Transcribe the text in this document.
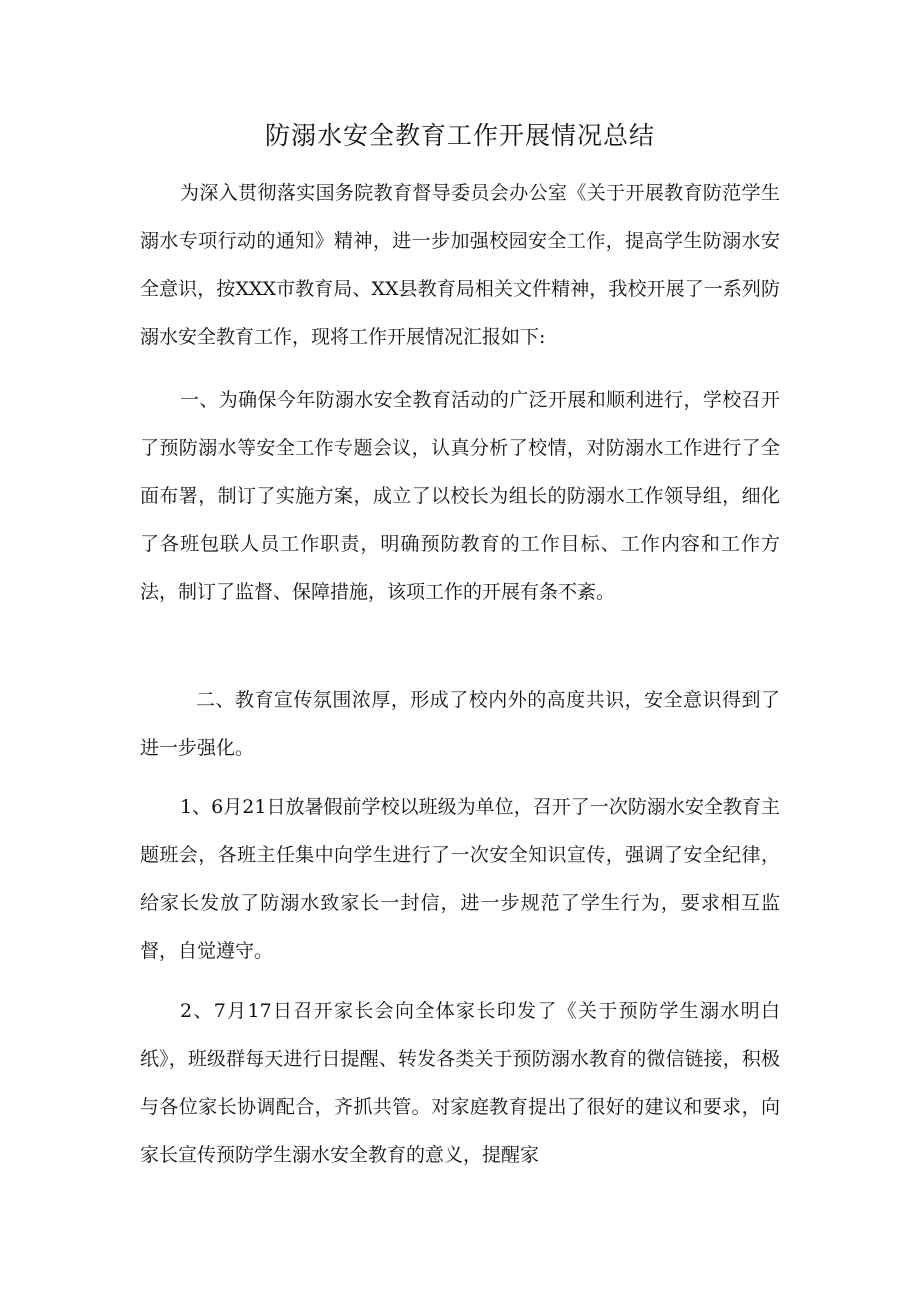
防溺水安全教育工作开展情况总结

为深入贯彻落实国务院教育督导委员会办公室《关于开展教育防范学生溺水专项行动的通知》精神，进一步加强校园安全工作，提高学生防溺水安全意识，按XXX市教育局、XX县教育局相关文件精神，我校开展了一系列防溺水安全教育工作，现将工作开展情况汇报如下:

一、为确保今年防溺水安全教育活动的广泛开展和顺利进行，学校召开了预防溺水等安全工作专题会议，认真分析了校情，对防溺水工作进行了全面布署，制订了实施方案，成立了以校长为组长的防溺水工作领导组，细化了各班包联人员工作职责，明确预防教育的工作目标、工作内容和工作方法，制订了监督、保障措施，该项工作的开展有条不紊。

二、教育宣传氛围浓厚，形成了校内外的高度共识，安全意识得到了进一步强化。

1、6月21日放暑假前学校以班级为单位，召开了一次防溺水安全教育主题班会，各班主任集中向学生进行了一次安全知识宣传，强调了安全纪律，给家长发放了防溺水致家长一封信，进一步规范了学生行为，要求相互监督，自觉遵守。

2、7月17日召开家长会向全体家长印发了《关于预防学生溺水明白纸》，班级群每天进行日提醒、转发各类关于预防溺水教育的微信链接，积极与各位家长协调配合，齐抓共管。对家庭教育提出了很好的建议和要求，向家长宣传预防学生溺水安全教育的意义，提醒家
